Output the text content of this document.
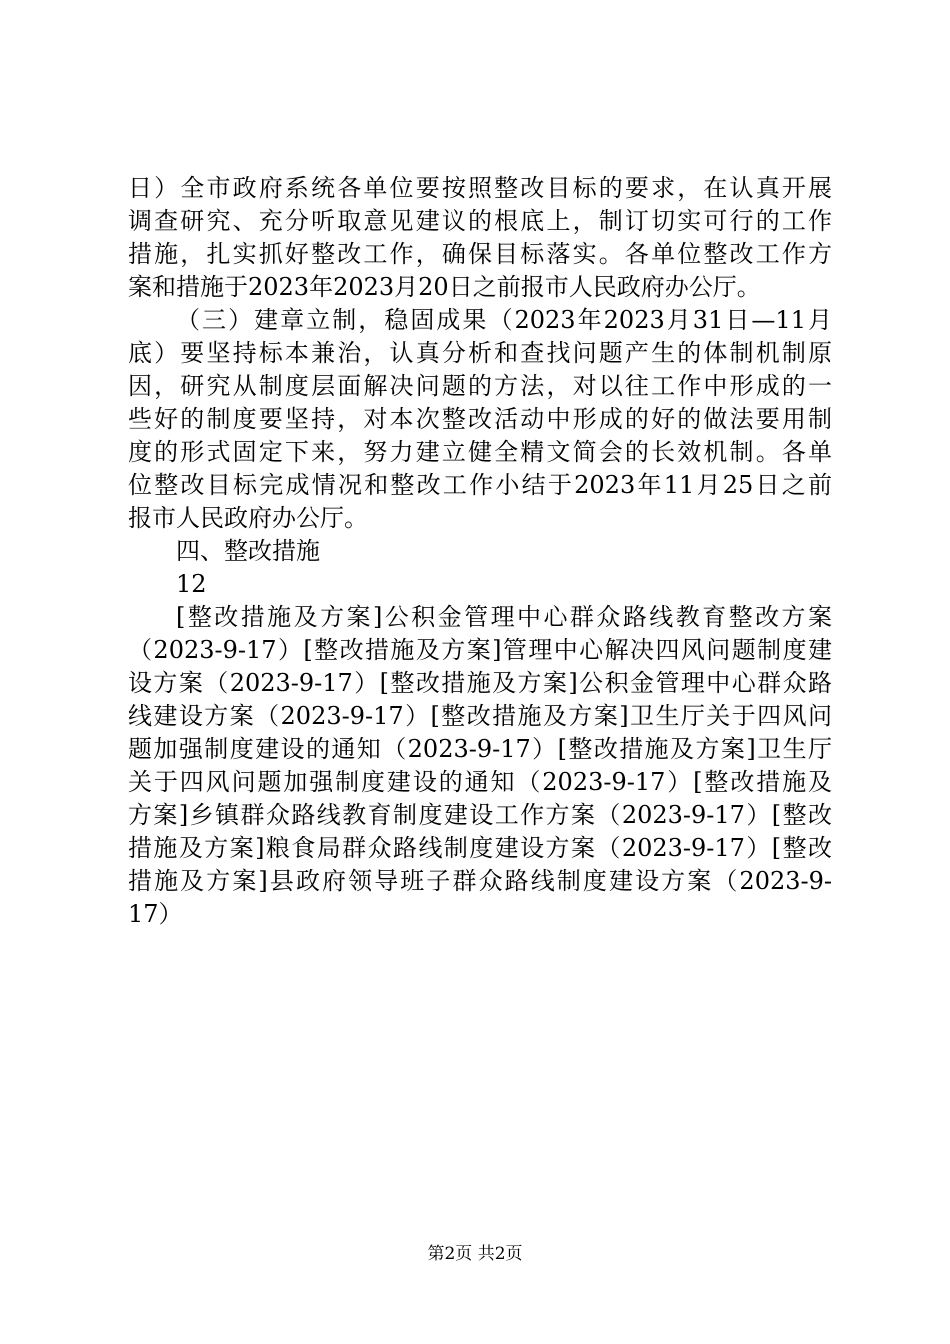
日）全市政府系统各单位要按照整改目标的要求，在认真开展
调查研究、充分听取意见建议的根底上，制订切实可行的工作
措施，扎实抓好整改工作，确保目标落实。各单位整改工作方
案和措施于2023年2023月20日之前报市人民政府办公厅。
（三）建章立制，稳固成果（2023年2023月31日—11月
底）要坚持标本兼治，认真分析和查找问题产生的体制机制原
因，研究从制度层面解决问题的方法，对以往工作中形成的一
些好的制度要坚持，对本次整改活动中形成的好的做法要用制
度的形式固定下来，努力建立健全精文简会的长效机制。各单
位整改目标完成情况和整改工作小结于2023年11月25日之前
报市人民政府办公厅。
四、整改措施
12
[整改措施及方案]公积金管理中心群众路线教育整改方案
（2023-9-17）[整改措施及方案]管理中心解决四风问题制度建
设方案（2023-9-17）[整改措施及方案]公积金管理中心群众路
线建设方案（2023-9-17）[整改措施及方案]卫生厅关于四风问
题加强制度建设的通知（2023-9-17）[整改措施及方案]卫生厅
关于四风问题加强制度建设的通知（2023-9-17）[整改措施及
方案]乡镇群众路线教育制度建设工作方案（2023-9-17）[整改
措施及方案]粮食局群众路线制度建设方案（2023-9-17）[整改
措施及方案]县政府领导班子群众路线制度建设方案（2023-9-
17）
第2页 共2页
